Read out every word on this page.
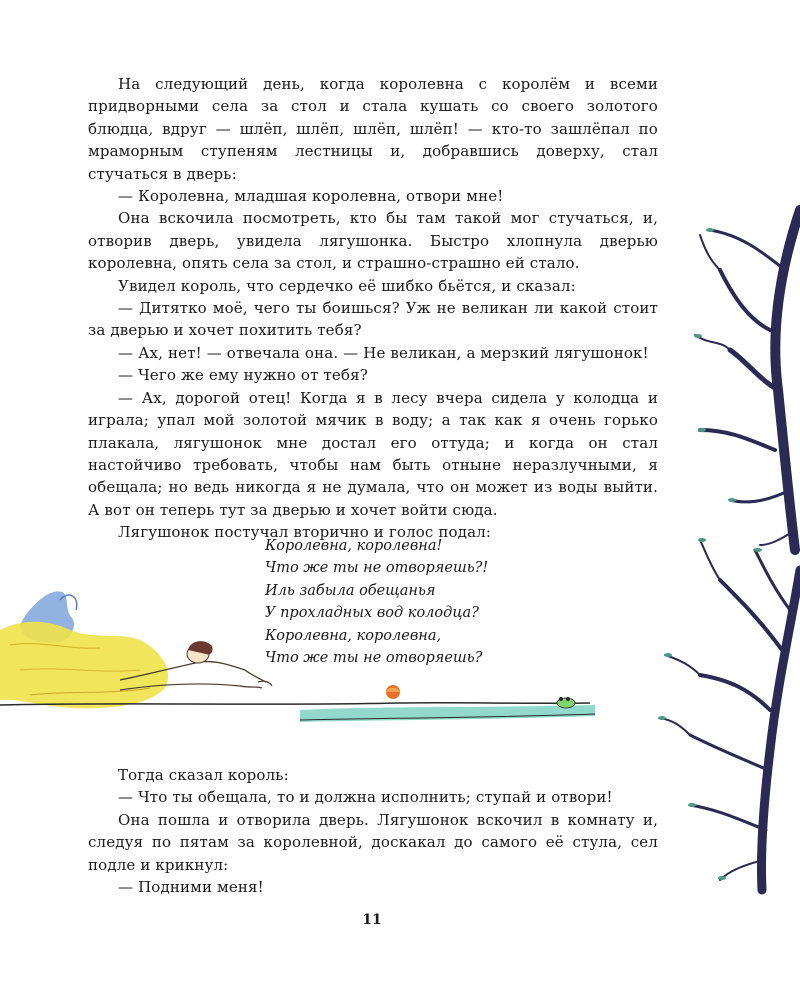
На следующий день, когда королевна с королём и всеми придворными села за стол и стала кушать со своего золотого блюдца, вдруг — шлёп, шлёп, шлёп, шлёп! — кто-то зашлёпал по мраморным ступеням лестницы и, добравшись доверху, стал стучаться в дверь:

— Королевна, младшая королевна, отвори мне!

Она вскочила посмотреть, кто бы там такой мог стучаться, и, отворив дверь, увидела лягушонка. Быстро хлопнула дверью королевна, опять села за стол, и страшно-страшно ей стало.

Увидел король, что сердечко её шибко бьётся, и сказал:

— Дитятко моё, чего ты боишься? Уж не великан ли какой стоит за дверью и хочет похитить тебя?

— Ах, нет! — отвечала она. — Не великан, а мерзкий лягушонок!

— Чего же ему нужно от тебя?

— Ах, дорогой отец! Когда я в лесу вчера сидела у колодца и играла; упал мой золотой мячик в воду; а так как я очень горько плакала, лягушонок мне достал его оттуда; и когда он стал настойчиво требовать, чтобы нам быть отныне неразлучными, я обещала; но ведь никогда я не думала, что он может из воды выйти. А вот он теперь тут за дверью и хочет войти сюда.

Лягушонок постучал вторично и голос подал:

Королевна, королевна!
Что же ты не отворяешь?!
Иль забыла обещанья
У прохладных вод колодца?
Королевна, королевна,
Что же ты не отворяешь?

Тогда сказал король:

— Что ты обещала, то и должна исполнить; ступай и отвори!

Она пошла и отворила дверь. Лягушонок вскочил в комнату и, следуя по пятам за королевной, доскакал до самого её стула, сел подле и крикнул:

— Подними меня!

11
